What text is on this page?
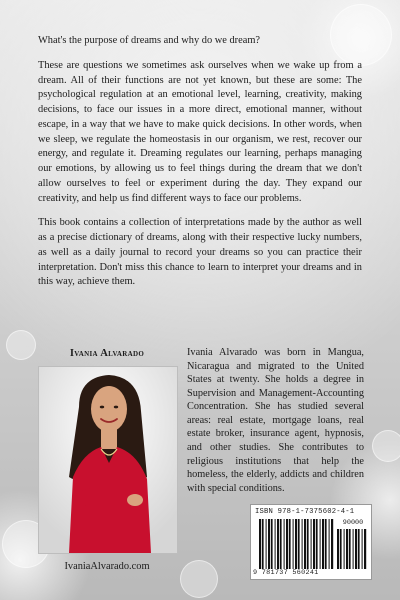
What's the purpose of dreams and why do we dream?

These are questions we sometimes ask ourselves when we wake up from a dream. All of their functions are not yet known, but these are some: The psychological regulation at an emotional level, learning, creativity, making decisions, to face our issues in a more direct, emotional manner, without escape, in a way that we have to make quick decisions. In other words, when we sleep, we regulate the homeostasis in our organism, we rest, recover our energy, and regulate it. Dreaming regulates our learning, perhaps managing our emotions, by allowing us to feel things during the dream that we don't allow ourselves to feel or experiment during the day. They expand our creativity, and help us find different ways to face our problems.

This book contains a collection of interpretations made by the author as well as a precise dictionary of dreams, along with their respective lucky numbers, as well as a daily journal to record your dreams so you can practice their interpretation. Don't miss this chance to learn to interpret your dreams and in this way, achieve them.

Ivania Alvarado
IvaniaAlvarado.com
Ivania Alvarado was born in Mangua, Nicaragua and migrated to the United States at twenty. She holds a degree in Supervision and Management-Accounting Concentration. She has studied several areas: real estate, mortgage loans, real estate broker, insurance agent, hypnosis, and other studies. She contributes to religious institutions that help the homeless, the elderly, addicts and children with special conditions.
ISBN 978-1-7375602-4-1
90000
9 781737 560241
